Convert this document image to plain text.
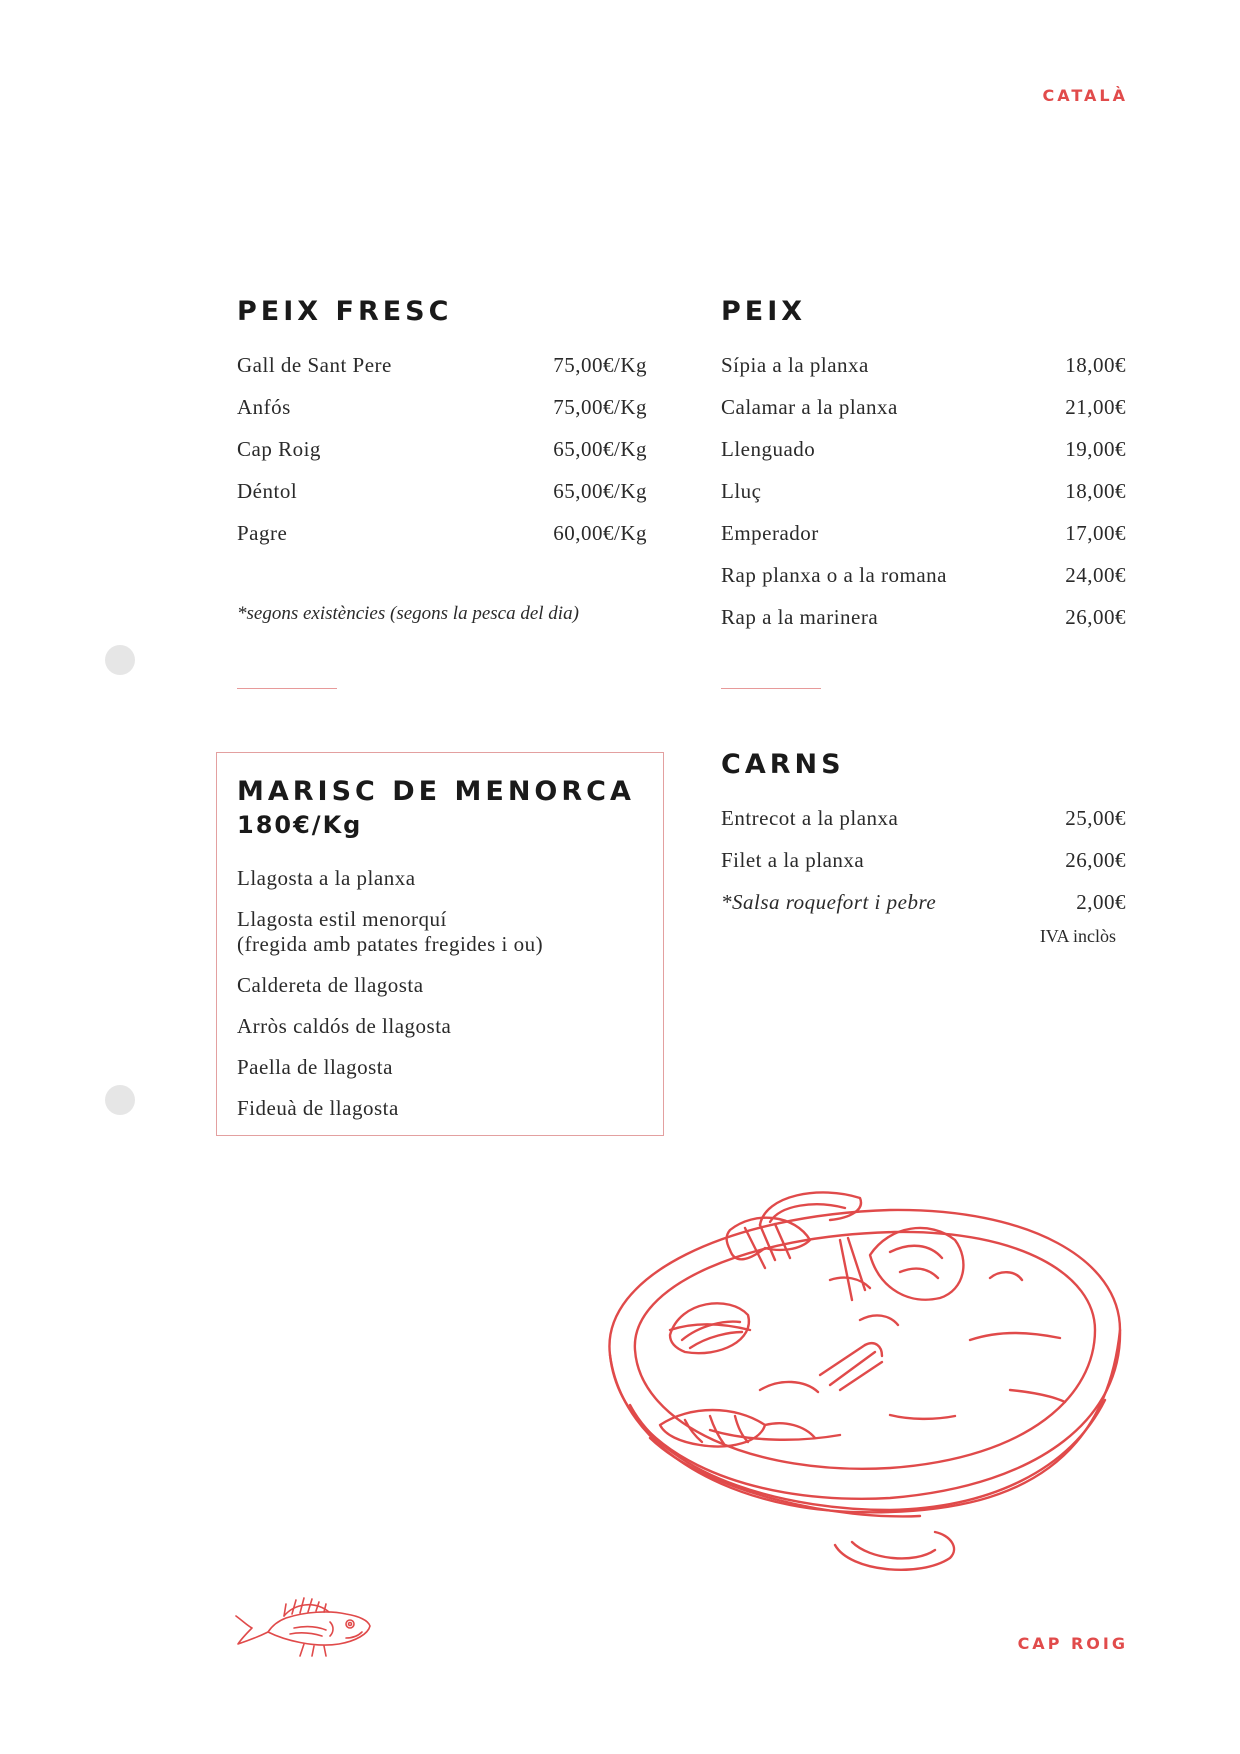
CATALÀ
PEIX FRESC
Gall de Sant Pere	75,00€/Kg
Anfós	75,00€/Kg
Cap Roig	65,00€/Kg
Déntol	65,00€/Kg
Pagre	60,00€/Kg
*segons existències (segons la pesca del dia)
PEIX
Sípia a la planxa	18,00€
Calamar a la planxa	21,00€
Llenguado	19,00€
Lluç	18,00€
Emperador	17,00€
Rap planxa o a la romana	24,00€
Rap a la marinera	26,00€
MARISC DE MENORCA
180€/Kg
Llagosta a la planxa
Llagosta estil menorquí
(fregida amb patates fregides i ou)
Caldereta de llagosta
Arròs caldós de llagosta
Paella de llagosta
Fideuà de llagosta
CARNS
Entrecot a la planxa	25,00€
Filet a la planxa	26,00€
*Salsa roquefort i pebre	2,00€
IVA inclòs
CAP ROIG
